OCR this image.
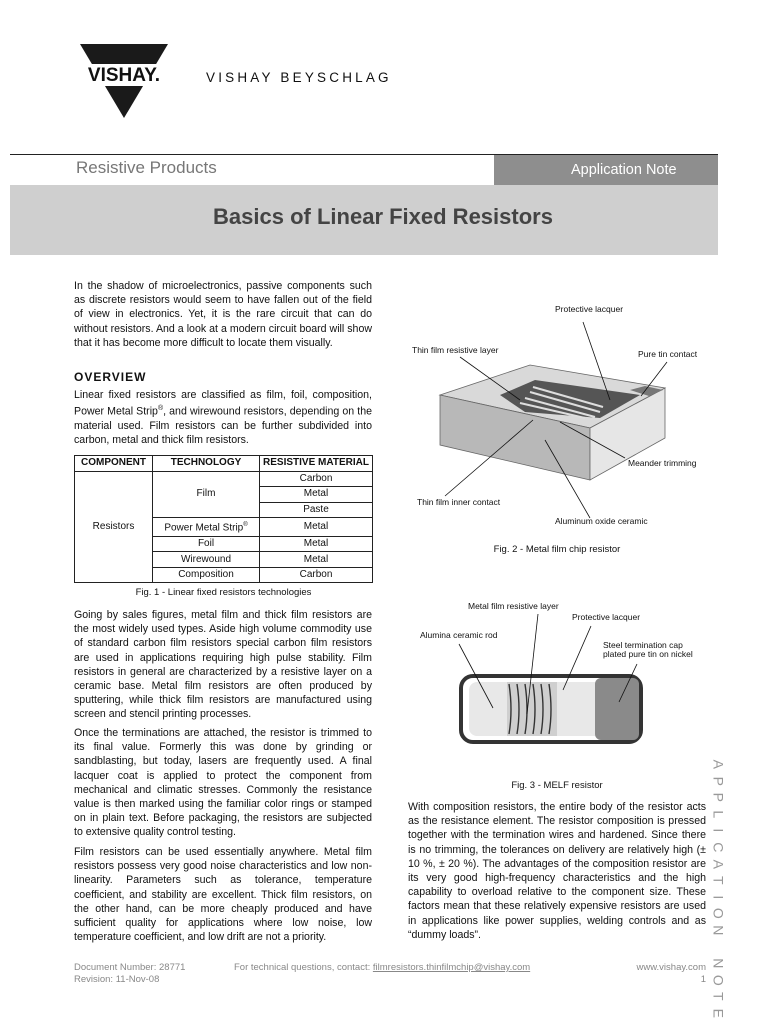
VISHAY.	VISHAY BEYSCHLAG
Resistive Products	Application Note
Basics of Linear Fixed Resistors
In the shadow of microelectronics, passive components such as discrete resistors would seem to have fallen out of the field of view in electronics. Yet, it is the rare circuit that can do without resistors. And a look at a modern circuit board will show that it has become more difficult to locate them visually.
OVERVIEW
Linear fixed resistors are classified as film, foil, composition, Power Metal Strip®, and wirewound resistors, depending on the material used. Film resistors can be further subdivided into carbon, metal and thick film resistors.
COMPONENT	TECHNOLOGY	RESISTIVE MATERIAL
Resistors	Film	Carbon
		Metal
		Paste
	Power Metal Strip®	Metal
	Foil	Metal
	Wirewound	Metal
	Composition	Carbon
Fig. 1 - Linear fixed resistors technologies
Going by sales figures, metal film and thick film resistors are the most widely used types. Aside high volume commodity use of standard carbon film resistors special carbon film resistors are used in applications requiring high pulse stability. Film resistors in general are characterized by a resistive layer on a ceramic base. Metal film resistors are often produced by sputtering, while thick film resistors are manufactured using screen and stencil printing processes.
Once the terminations are attached, the resistor is trimmed to its final value. Formerly this was done by grinding or sandblasting, but today, lasers are frequently used. A final lacquer coat is applied to protect the component from mechanical and climatic stresses. Commonly the resistance value is then marked using the familiar color rings or stamped on in plain text. Before packaging, the resistors are subjected to extensive quality control testing.
Film resistors can be used essentially anywhere. Metal film resistors possess very good noise characteristics and low non-linearity. Parameters such as tolerance, temperature coefficient, and stability are excellent. Thick film resistors, on the other hand, can be more cheaply produced and have sufficient quality for applications where low noise, low temperature coefficient, and low drift are not a priority.
Protective lacquer
Thin film resistive layer	Pure tin contact
Meander trimming
Thin film inner contact
Aluminum oxide ceramic
Fig. 2 - Metal film chip resistor
Metal film resistive layer
Protective lacquer
Alumina ceramic rod
Steel termination cap
plated pure tin on nickel
Fig. 3 - MELF resistor
With composition resistors, the entire body of the resistor acts as the resistance element. The resistor composition is pressed together with the termination wires and hardened. Since there is no trimming, the tolerances on delivery are relatively high (± 10 %, ± 20 %). The advantages of the composition resistor are its very good high-frequency characteristics and the high capability to overload relative to the component size. These factors mean that these relatively expensive resistors are used in applications like power supplies, welding controls and as “dummy loads”.
A
P
P
L
I
C
A
T
I
O
N

N
O
T
E
Document Number: 28771
Revision: 11-Nov-08
For technical questions, contact: filmresistors.thinfilmchip@vishay.com	www.vishay.com
1
